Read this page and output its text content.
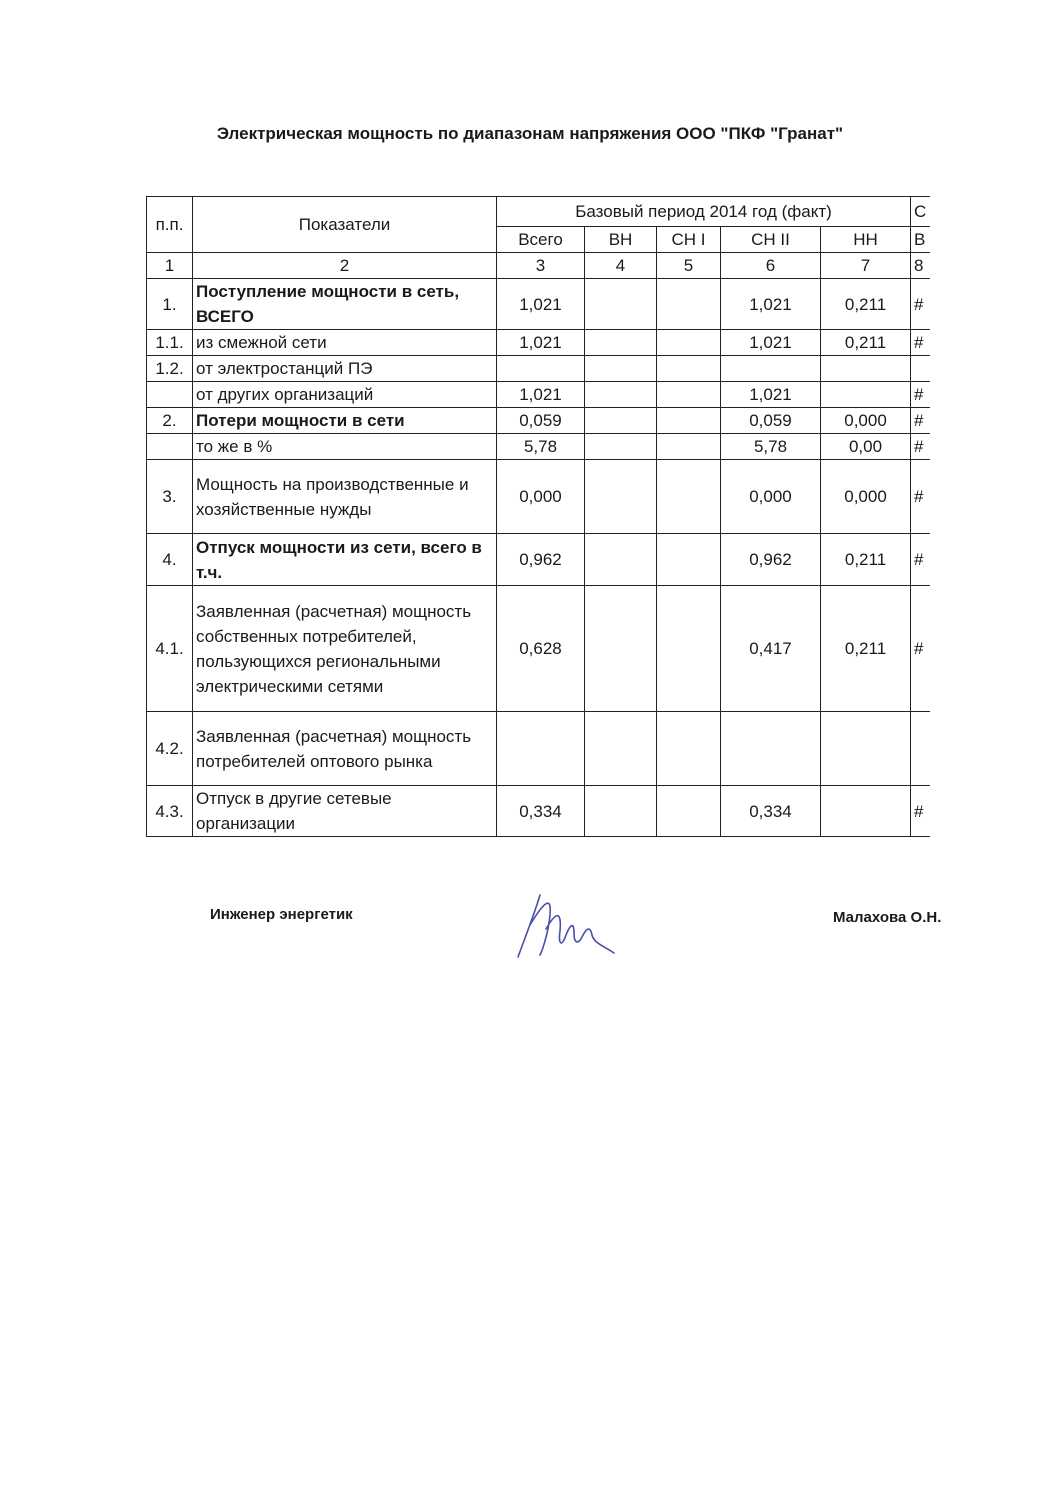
Электрическая мощность по диапазонам напряжения ООО "ПКФ "Гранат"
п.п.	Показатели	Базовый период 2014 год (факт)					С
		Всего	ВН	СН I	СН II	НН	В
1	2	3	4	5	6	7	8
1.	Поступление мощности в сеть, ВСЕГО	1,021			1,021	0,211	#
1.1.	из смежной сети	1,021			1,021	0,211	#
1.2.	от электростанций ПЭ						
	от других организаций	1,021			1,021		#
2.	Потери мощности в сети	0,059			0,059	0,000	#
	то же в %	5,78			5,78	0,00	#
3.	Мощность на производственные и хозяйственные нужды	0,000			0,000	0,000	#
4.	Отпуск мощности из сети, всего в т.ч.	0,962			0,962	0,211	#
4.1.	Заявленная (расчетная) мощность собственных потребителей, пользующихся региональными электрическими сетями	0,628			0,417	0,211	#
4.2.	Заявленная (расчетная) мощность потребителей оптового рынка						
4.3.	Отпуск в другие сетевые организации	0,334			0,334		#
Инженер энергетик	Малахова О.Н.
